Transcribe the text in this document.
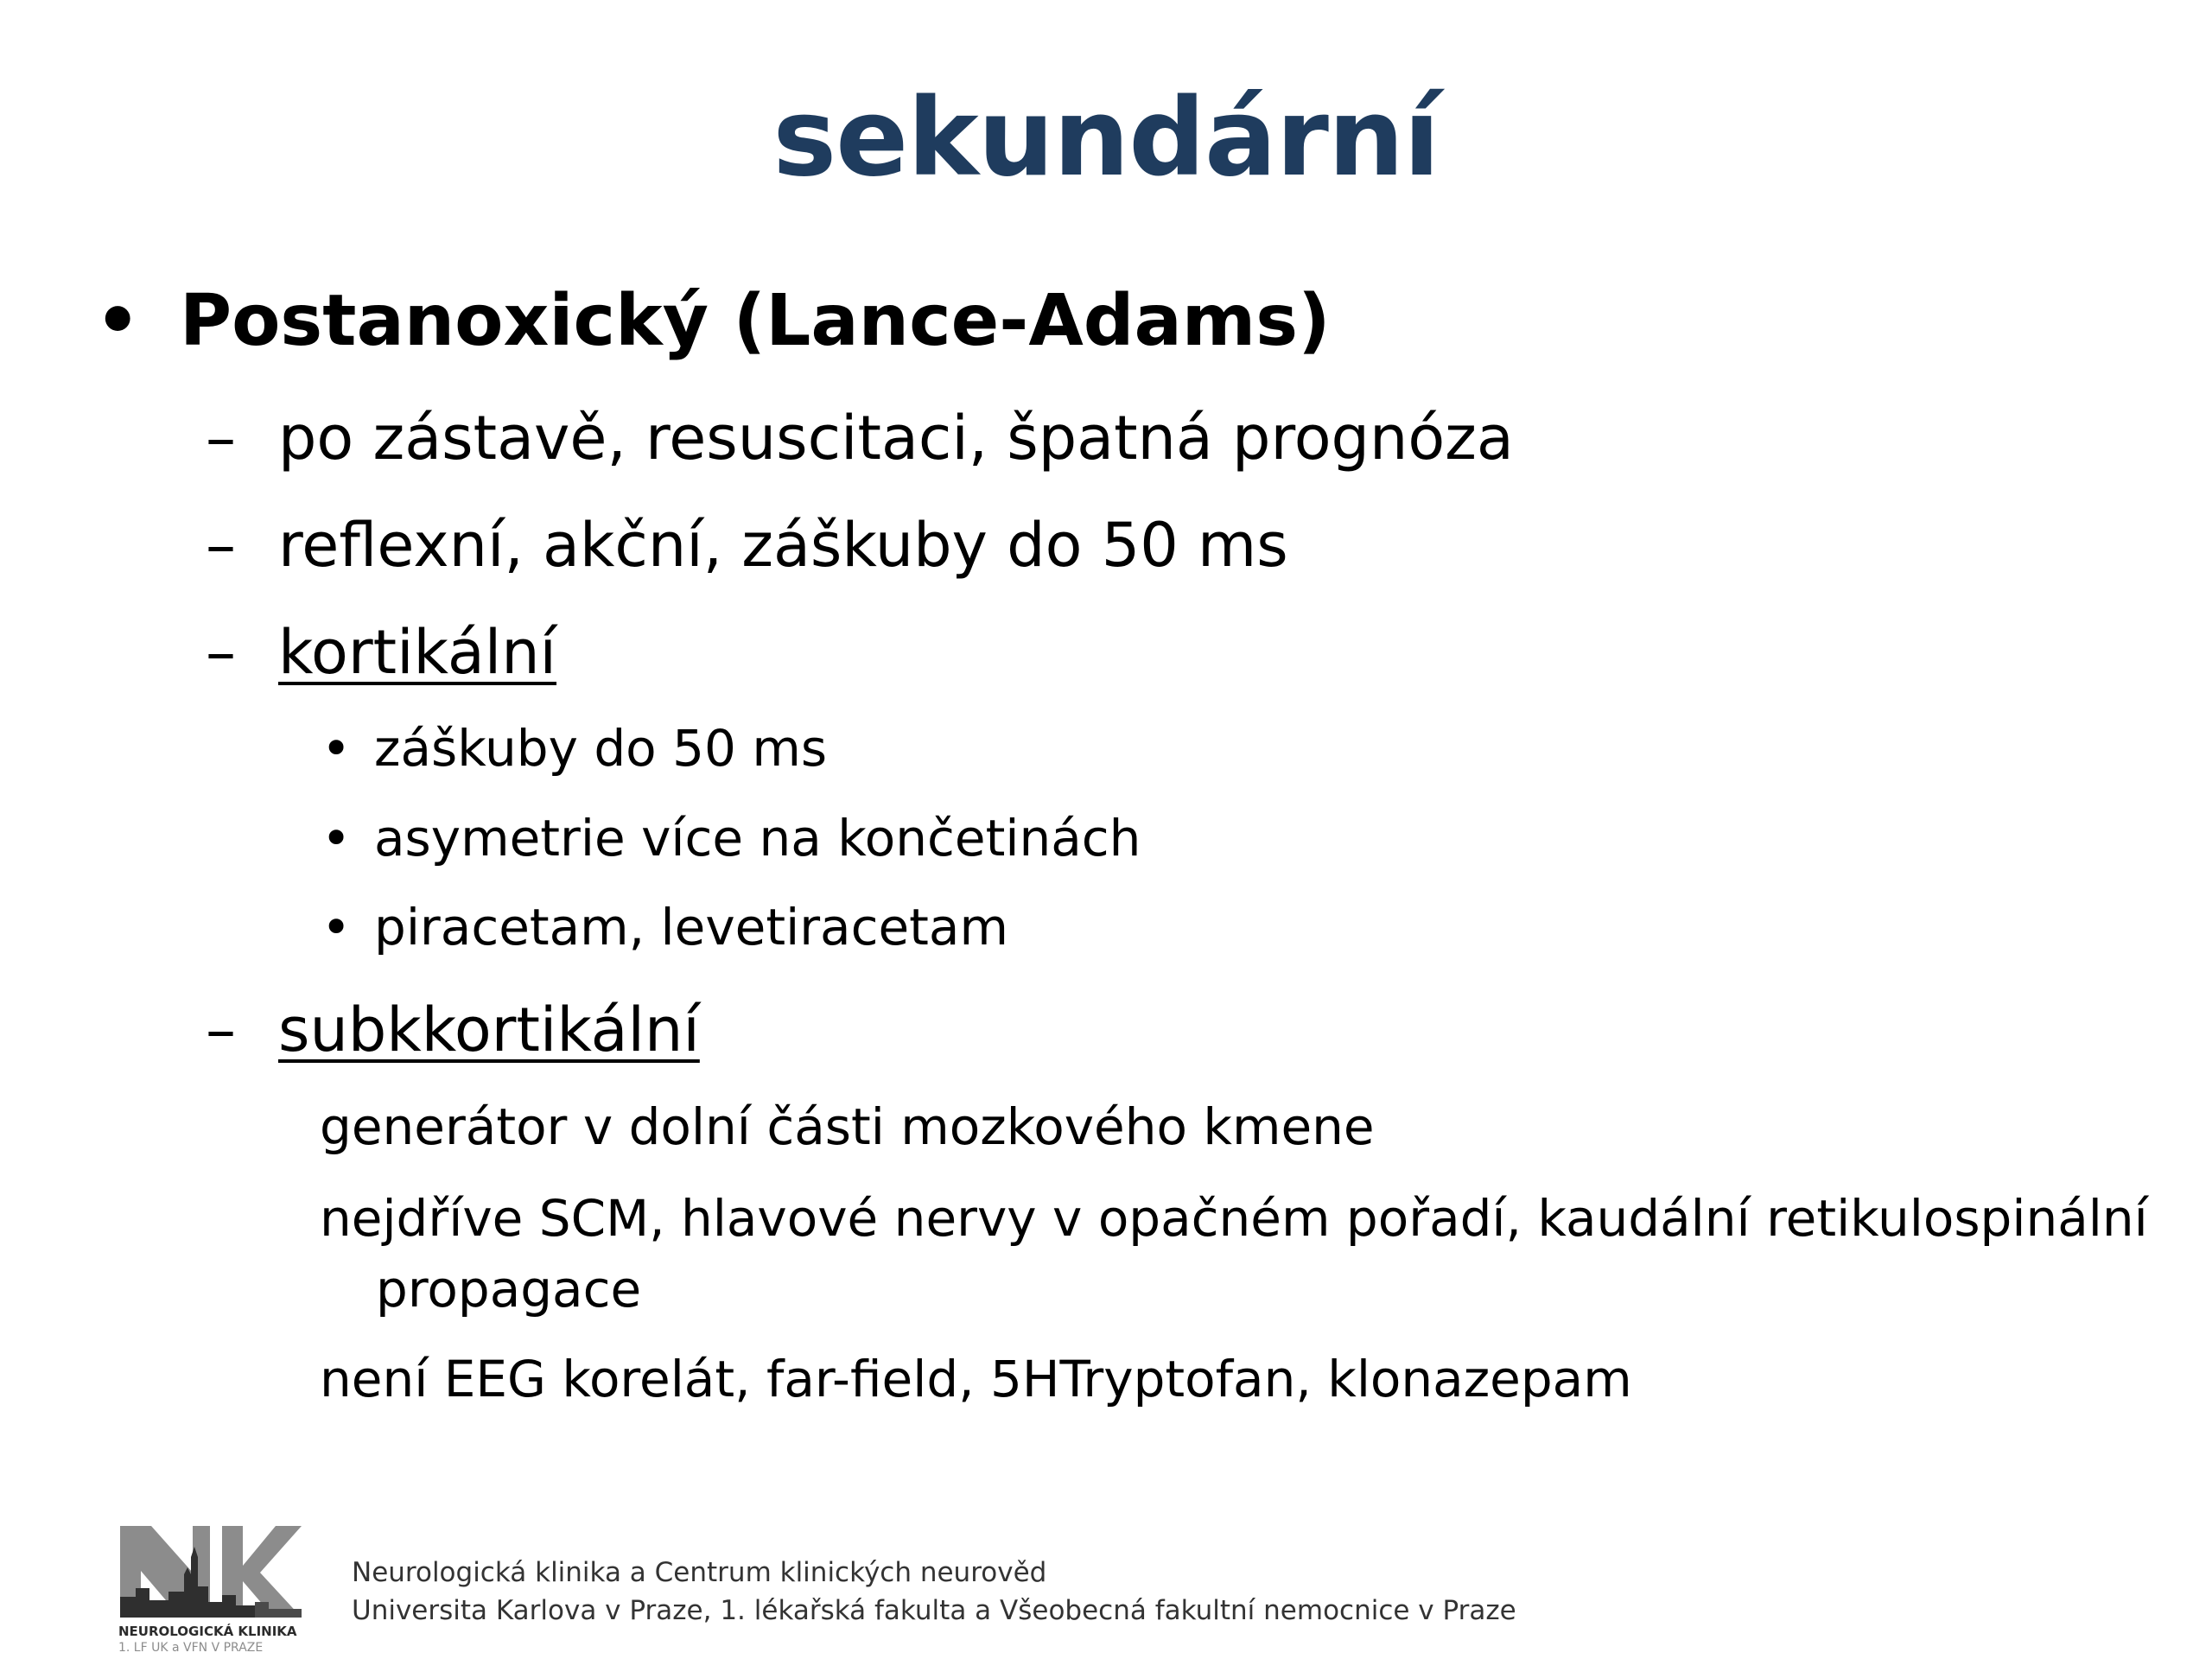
sekundární
• Postanoxický (Lance-Adams)
– po zástavě, resuscitaci, špatná prognóza
– reflexní, akční, záškuby do 50 ms
– kortikální
• záškuby do 50 ms
• asymetrie více na končetinách
• piracetam, levetiracetam
– subkkortikální
generátor v dolní části mozkového kmene
nejdříve SCM, hlavové nervy v opačném pořadí, kaudální retikulospinální
propagace
není EEG korelát, far-field, 5HTryptofan, klonazepam
NEUROLOGICKÁ KLINIKA
1. LF UK a VFN V PRAZE
Neurologická klinika a Centrum klinických neurověd
Universita Karlova v Praze, 1. lékařská fakulta a Všeobecná fakultní nemocnice v Praze
